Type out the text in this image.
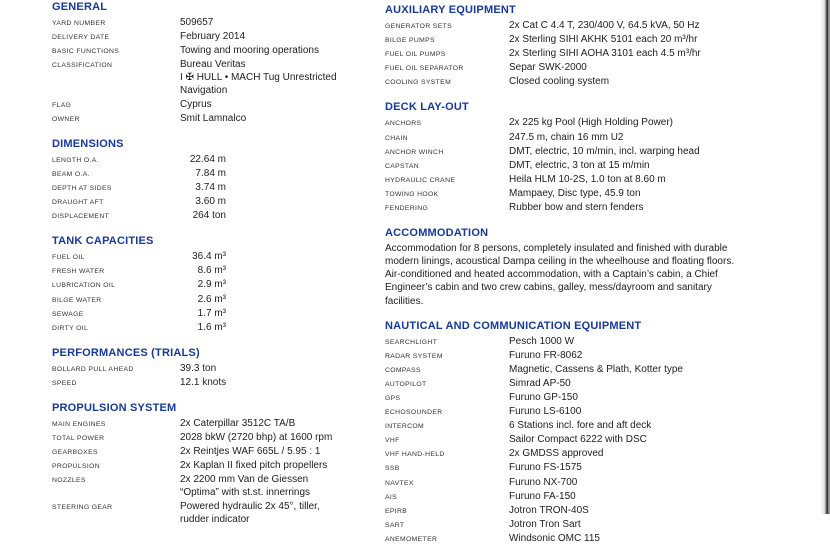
GENERAL
YARD NUMBER	509657
DELIVERY DATE	February 2014
BASIC FUNCTIONS	Towing and mooring operations
CLASSIFICATION	Bureau Veritas
I ✠ HULL • MACH Tug Unrestricted
Navigation
FLAG	Cyprus
OWNER	Smit Lamnalco
DIMENSIONS
LENGTH O.A.	22.64 m
BEAM O.A.	7.84 m
DEPTH AT SIDES	3.74 m
DRAUGHT AFT	3.60 m
DISPLACEMENT	264 ton
TANK CAPACITIES
FUEL OIL	36.4 m³
FRESH WATER	8.6 m³
LUBRICATION OIL	2.9 m³
BILGE WATER	2.6 m³
SEWAGE	1.7 m³
DIRTY OIL	1.6 m³
PERFORMANCES (TRIALS)
BOLLARD PULL AHEAD	39.3 ton
SPEED	12.1 knots
PROPULSION SYSTEM
MAIN ENGINES	2x Caterpillar 3512C TA/B
TOTAL POWER	2028 bkW (2720 bhp) at 1600 rpm
GEARBOXES	2x Reintjes WAF 665L / 5.95 : 1
PROPULSION	2x Kaplan II fixed pitch propellers
NOZZLES	2x 2200 mm Van de Giessen
“Optima” with st.st. innerrings
STEERING GEAR	Powered hydraulic 2x 45°, tiller,
rudder indicator
AUXILIARY EQUIPMENT
GENERATOR SETS	2x Cat C 4.4 T, 230/400 V, 64.5 kVA, 50 Hz
BILGE PUMPS	2x Sterling SIHI AKHK 5101 each 20 m³/hr
FUEL OIL PUMPS	2x Sterling SIHI AOHA 3101 each 4.5 m³/hr
FUEL OIL SEPARATOR	Separ SWK-2000
COOLING SYSTEM	Closed cooling system
DECK LAY-OUT
ANCHORS	2x 225 kg Pool (High Holding Power)
CHAIN	247.5 m, chain 16 mm U2
ANCHOR WINCH	DMT, electric, 10 m/min, incl. warping head
CAPSTAN	DMT, electric, 3 ton at 15 m/min
HYDRAULIC CRANE	Heila HLM 10-2S, 1.0 ton at 8.60 m
TOWING HOOK	Mampaey, Disc type, 45.9 ton
FENDERING	Rubber bow and stern fenders
ACCOMMODATION

Accommodation for 8 persons, completely insulated and finished with durable modern linings, acoustical Dampa ceiling in the wheelhouse and floating floors. Air-conditioned and heated accommodation, with a Captain’s cabin, a Chief Engineer’s cabin and two crew cabins, galley, mess/dayroom and sanitary facilities.

NAUTICAL AND COMMUNICATION EQUIPMENT
SEARCHLIGHT	Pesch 1000 W
RADAR SYSTEM	Furuno FR-8062
COMPASS	Magnetic, Cassens & Plath, Kotter type
AUTOPILOT	Simrad AP-50
GPS	Furuno GP-150
ECHOSOUNDER	Furuno LS-6100
INTERCOM	6 Stations incl. fore and aft deck
VHF	Sailor Compact 6222 with DSC
VHF HAND-HELD	2x GMDSS approved
SSB	Furuno FS-1575
NAVTEX	Furuno NX-700
AIS	Furuno FA-150
EPIRB	Jotron TRON-40S
SART	Jotron Tron Sart
ANEMOMETER	Windsonic OMC 115
